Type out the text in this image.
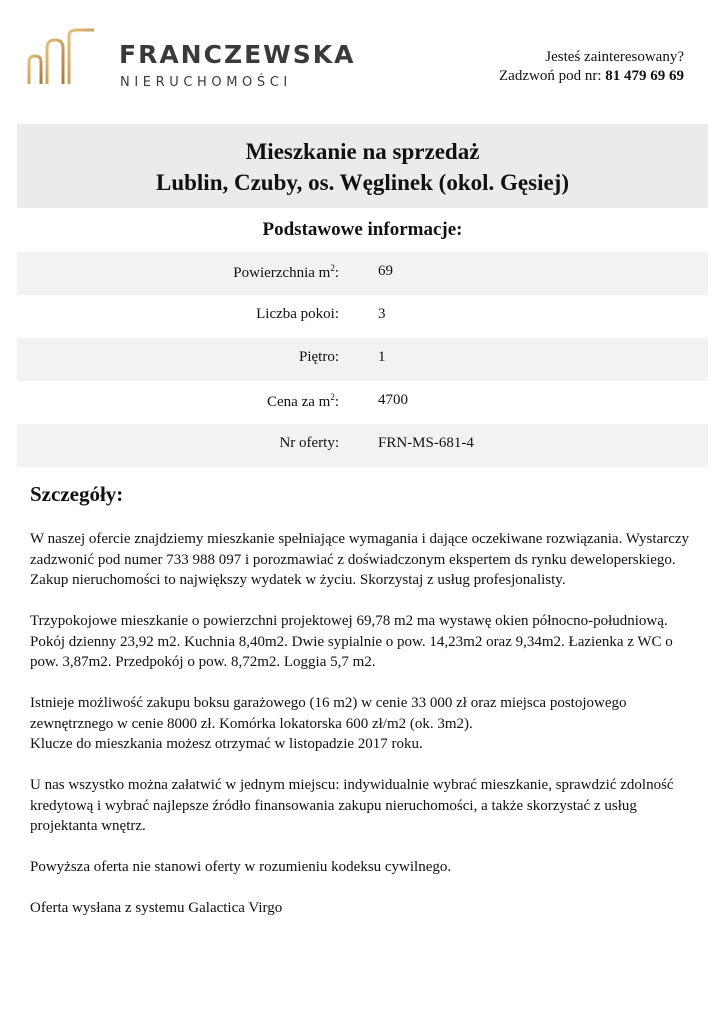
FRANCZEWSKA
NIERUCHOMOŚCI
Jesteś zainteresowany?
Zadzwoń pod nr: 81 479 69 69
Mieszkanie na sprzedaż
Lublin, Czuby, os. Węglinek (okol. Gęsiej)
Podstawowe informacje:
Powierzchnia $m^2$:	69
Liczba pokoi:	3
Piętro:	1
Cena za $m^2$:	4700
Nr oferty:	FRN-MS-681-4
Szczegóły:

W naszej ofercie znajdziemy mieszkanie spełniające wymagania i dające oczekiwane rozwiązania. Wystarczy zadzwonić pod numer 733 988 097 i porozmawiać z doświadczonym ekspertem ds rynku deweloperskiego. Zakup nieruchomości to największy wydatek w życiu. Skorzystaj z usług profesjonalisty.

Trzypokojowe mieszkanie o powierzchni projektowej 69,78 m2 ma wystawę okien północno-południową. Pokój dzienny 23,92 m2. Kuchnia 8,40m2. Dwie sypialnie o pow. 14,23m2 oraz 9,34m2. Łazienka z WC o pow. 3,87m2. Przedpokój o pow. 8,72m2. Loggia 5,7 m2.

Istnieje możliwość zakupu boksu garażowego (16 m2) w cenie 33 000 zł oraz miejsca postojowego zewnętrznego w cenie 8000 zł. Komórka lokatorska 600 zł/m2 (ok. 3m2).
Klucze do mieszkania możesz otrzymać w listopadzie 2017 roku.

U nas wszystko można załatwić w jednym miejscu: indywidualnie wybrać mieszkanie, sprawdzić zdolność kredytową i wybrać najlepsze źródło finansowania zakupu nieruchomości, a także skorzystać z usług projektanta wnętrz.

Powyższa oferta nie stanowi oferty w rozumieniu kodeksu cywilnego.

Oferta wysłana z systemu Galactica Virgo
